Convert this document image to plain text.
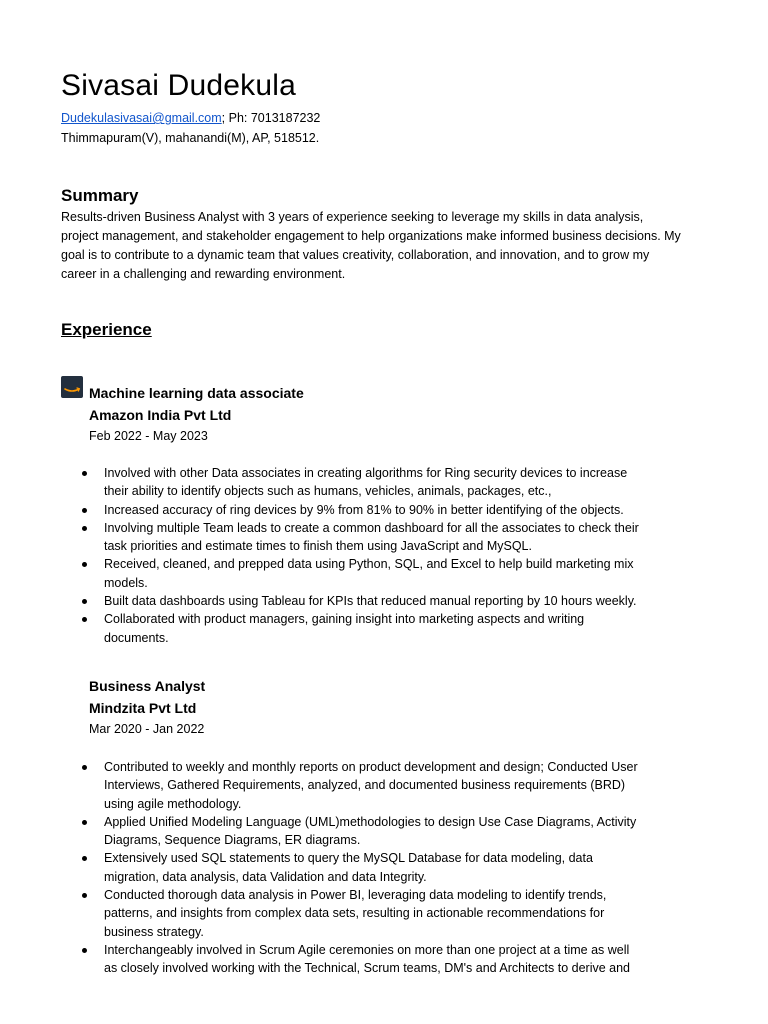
Sivasai Dudekula
Dudekulasivasai@gmail.com; Ph: 7013187232
Thimmapuram(V), mahanandi(M), AP, 518512.
Summary

Results-driven Business Analyst with 3 years of experience seeking to leverage my skills in data analysis,

project management, and stakeholder engagement to help organizations make informed business decisions. My

goal is to contribute to a dynamic team that values creativity, collaboration, and innovation, and to grow my

career in a challenging and rewarding environment.

Experience

Machine learning data associate

Amazon India Pvt Ltd

Feb 2022 - May 2023

Involved with other Data associates in creating algorithms for Ring security devices to increase
their ability to identify objects such as humans, vehicles, animals, packages, etc.,
Increased accuracy of ring devices by 9% from 81% to 90% in better identifying of the objects.
Involving multiple Team leads to create a common dashboard for all the associates to check their
task priorities and estimate times to finish them using JavaScript and MySQL.
Received, cleaned, and prepped data using Python, SQL, and Excel to help build marketing mix
models.
Built data dashboards using Tableau for KPIs that reduced manual reporting by 10 hours weekly.
Collaborated with product managers, gaining insight into marketing aspects and writing
documents.

Business Analyst

Mindzita Pvt Ltd

Mar 2020 - Jan 2022

Contributed to weekly and monthly reports on product development and design; Conducted User
Interviews, Gathered Requirements, analyzed, and documented business requirements (BRD)
using agile methodology.
Applied Unified Modeling Language (UML)methodologies to design Use Case Diagrams, Activity
Diagrams, Sequence Diagrams, ER diagrams.
Extensively used SQL statements to query the MySQL Database for data modeling, data
migration, data analysis, data Validation and data Integrity.
Conducted thorough data analysis in Power BI, leveraging data modeling to identify trends,
patterns, and insights from complex data sets, resulting in actionable recommendations for
business strategy.
Interchangeably involved in Scrum Agile ceremonies on more than one project at a time as well
as closely involved working with the Technical, Scrum teams, DM's and Architects to derive and
